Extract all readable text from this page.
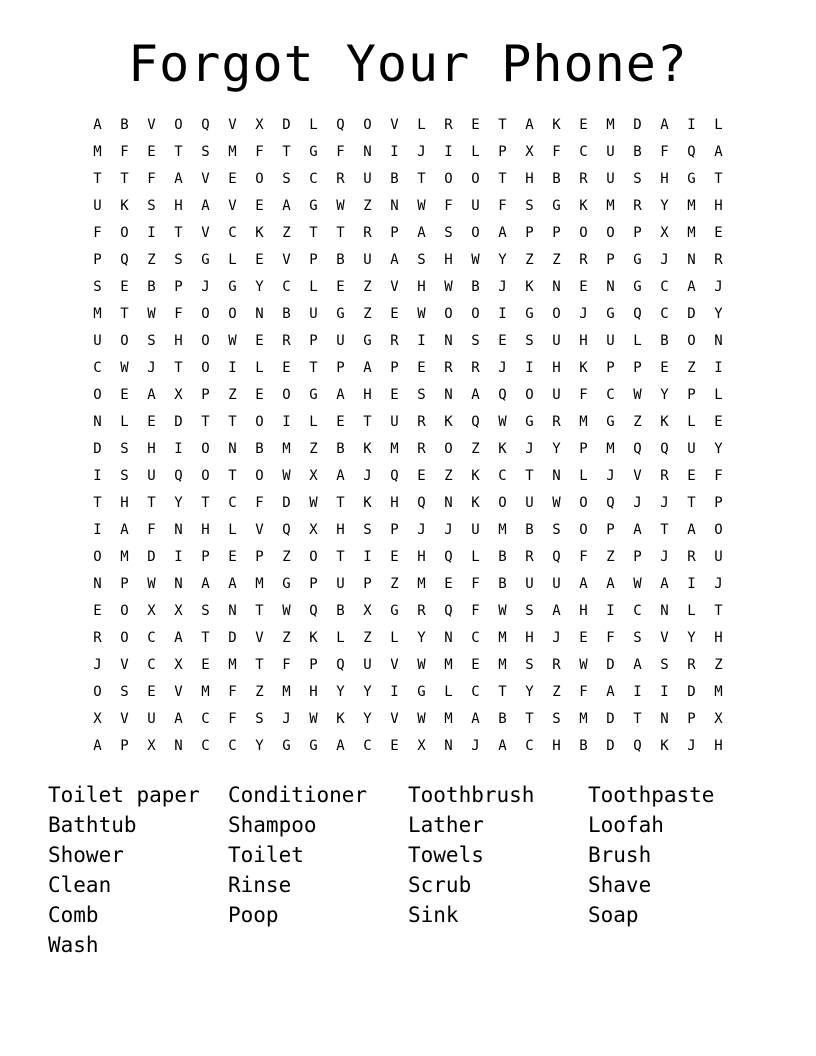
Forgot Your Phone?
A	B	V	O	Q	V	X	D	L	Q	O	V	L	R	E	T	A	K	E	M	D	A	I	L
M	F	E	T	S	M	F	T	G	F	N	I	J	I	L	P	X	F	C	U	B	F	Q	A
T	T	F	A	V	E	O	S	C	R	U	B	T	O	O	T	H	B	R	U	S	H	G	T
U	K	S	H	A	V	E	A	G	W	Z	N	W	F	U	F	S	G	K	M	R	Y	M	H
F	O	I	T	V	C	K	Z	T	T	R	P	A	S	O	A	P	P	O	O	P	X	M	E
P	Q	Z	S	G	L	E	V	P	B	U	A	S	H	W	Y	Z	Z	R	P	G	J	N	R
S	E	B	P	J	G	Y	C	L	E	Z	V	H	W	B	J	K	N	E	N	G	C	A	J
M	T	W	F	O	O	N	B	U	G	Z	E	W	O	O	I	G	O	J	G	Q	C	D	Y
U	O	S	H	O	W	E	R	P	U	G	R	I	N	S	E	S	U	H	U	L	B	O	N
C	W	J	T	O	I	L	E	T	P	A	P	E	R	R	J	I	H	K	P	P	E	Z	I
O	E	A	X	P	Z	E	O	G	A	H	E	S	N	A	Q	O	U	F	C	W	Y	P	L
N	L	E	D	T	T	O	I	L	E	T	U	R	K	Q	W	G	R	M	G	Z	K	L	E
D	S	H	I	O	N	B	M	Z	B	K	M	R	O	Z	K	J	Y	P	M	Q	Q	U	Y
I	S	U	Q	O	T	O	W	X	A	J	Q	E	Z	K	C	T	N	L	J	V	R	E	F
T	H	T	Y	T	C	F	D	W	T	K	H	Q	N	K	O	U	W	O	Q	J	J	T	P
I	A	F	N	H	L	V	Q	X	H	S	P	J	J	U	M	B	S	O	P	A	T	A	O
O	M	D	I	P	E	P	Z	O	T	I	E	H	Q	L	B	R	Q	F	Z	P	J	R	U
N	P	W	N	A	A	M	G	P	U	P	Z	M	E	F	B	U	U	A	A	W	A	I	J
E	O	X	X	S	N	T	W	Q	B	X	G	R	Q	F	W	S	A	H	I	C	N	L	T
R	O	C	A	T	D	V	Z	K	L	Z	L	Y	N	C	M	H	J	E	F	S	V	Y	H
J	V	C	X	E	M	T	F	P	Q	U	V	W	M	E	M	S	R	W	D	A	S	R	Z
O	S	E	V	M	F	Z	M	H	Y	Y	I	G	L	C	T	Y	Z	F	A	I	I	D	M
X	V	U	A	C	F	S	J	W	K	Y	V	W	M	A	B	T	S	M	D	T	N	P	X
A	P	X	N	C	C	Y	G	G	A	C	E	X	N	J	A	C	H	B	D	Q	K	J	H
Toilet paper	Conditioner	Toothbrush	Toothpaste
Bathtub	Shampoo	Lather	Loofah
Shower	Toilet	Towels	Brush
Clean	Rinse	Scrub	Shave
Comb	Poop	Sink	Soap
Wash
